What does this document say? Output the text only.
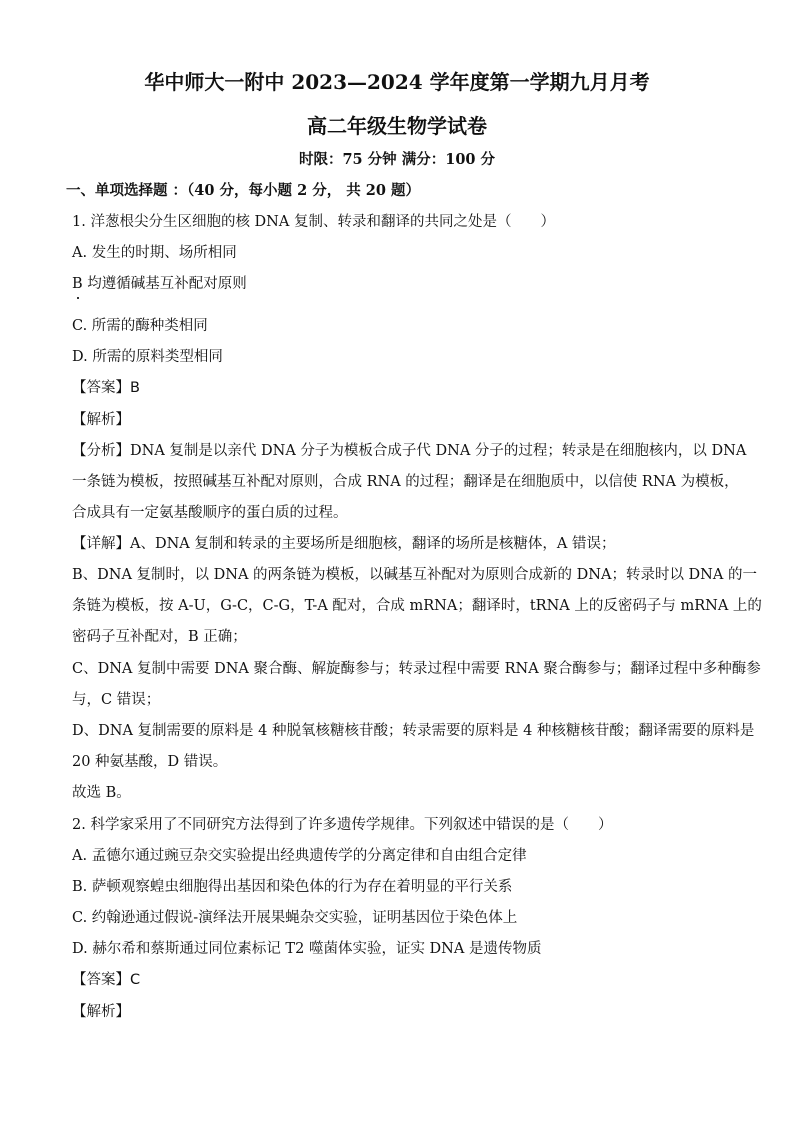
华中师大一附中 2023—2024 学年度第一学期九月月考
高二年级生物学试卷
时限：75 分钟 满分：100 分
一、单项选择题 ：（40 分，每小题 2 分， 共 20 题）
1. 洋葱根尖分生区细胞的核 DNA 复制、转录和翻译的共同之处是（　　）
A. 发生的时期、场所相同
B 均遵循碱基互补配对原则
C. 所需的酶种类相同
D. 所需的原料类型相同
【答案】B
【解析】
【分析】DNA 复制是以亲代 DNA 分子为模板合成子代 DNA 分子的过程；转录是在细胞核内，以 DNA
一条链为模板，按照碱基互补配对原则，合成 RNA 的过程；翻译是在细胞质中，以信使 RNA 为模板，
合成具有一定氨基酸顺序的蛋白质的过程。
【详解】A、DNA 复制和转录的主要场所是细胞核，翻译的场所是核糖体，A 错误；
B、DNA 复制时，以 DNA 的两条链为模板，以碱基互补配对为原则合成新的 DNA；转录时以 DNA 的一
条链为模板，按 A-U，G-C，C-G，T-A 配对，合成 mRNA；翻译时，tRNA 上的反密码子与 mRNA 上的
密码子互补配对，B 正确；
C、DNA 复制中需要 DNA 聚合酶、解旋酶参与；转录过程中需要 RNA 聚合酶参与；翻译过程中多种酶参
与，C 错误；
D、DNA 复制需要的原料是 4 种脱氧核糖核苷酸；转录需要的原料是 4 种核糖核苷酸；翻译需要的原料是
20 种氨基酸，D 错误。
故选 B。
2. 科学家采用了不同研究方法得到了许多遗传学规律。下列叙述中错误的是（　　）
A. 孟德尔通过豌豆杂交实验提出经典遗传学的分离定律和自由组合定律
B. 萨顿观察蝗虫细胞得出基因和染色体的行为存在着明显的平行关系
C. 约翰逊通过假说-演绎法开展果蝇杂交实验，证明基因位于染色体上
D. 赫尔希和蔡斯通过同位素标记 T2 噬菌体实验，证实 DNA 是遗传物质
【答案】C
【解析】
